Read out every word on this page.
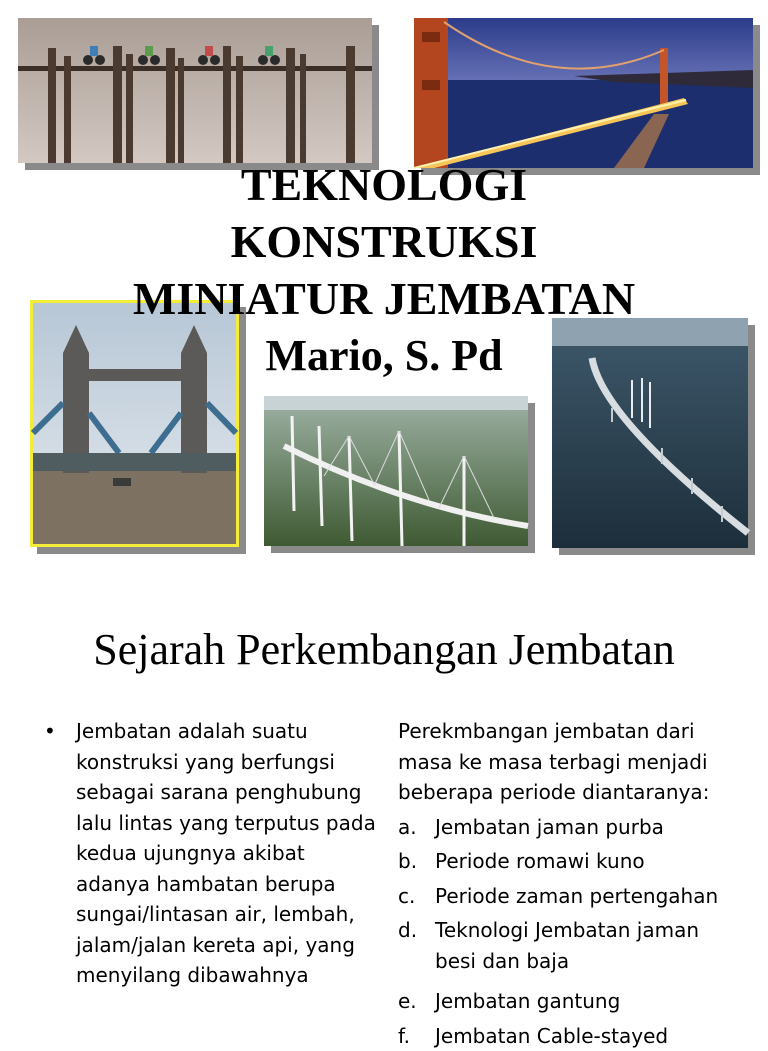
TEKNOLOGI
KONSTRUKSI
MINIATUR JEMBATAN
Mario, S. Pd
Sejarah Perkembangan Jembatan
• Jembatan adalah suatu konstruksi yang berfungsi sebagai sarana penghubung lalu lintas yang terputus pada kedua ujungnya akibat adanya hambatan berupa sungai/lintasan air, lembah, jalam/jalan kereta api, yang menyilang dibawahnya
Perekmbangan jembatan dari masa ke masa terbagi menjadi beberapa periode diantaranya:
a. Jembatan jaman purba
b. Periode romawi kuno
c. Periode zaman pertengahan
d. Teknologi Jembatan jaman besi dan baja
e. Jembatan gantung
f. Jembatan Cable-stayed
